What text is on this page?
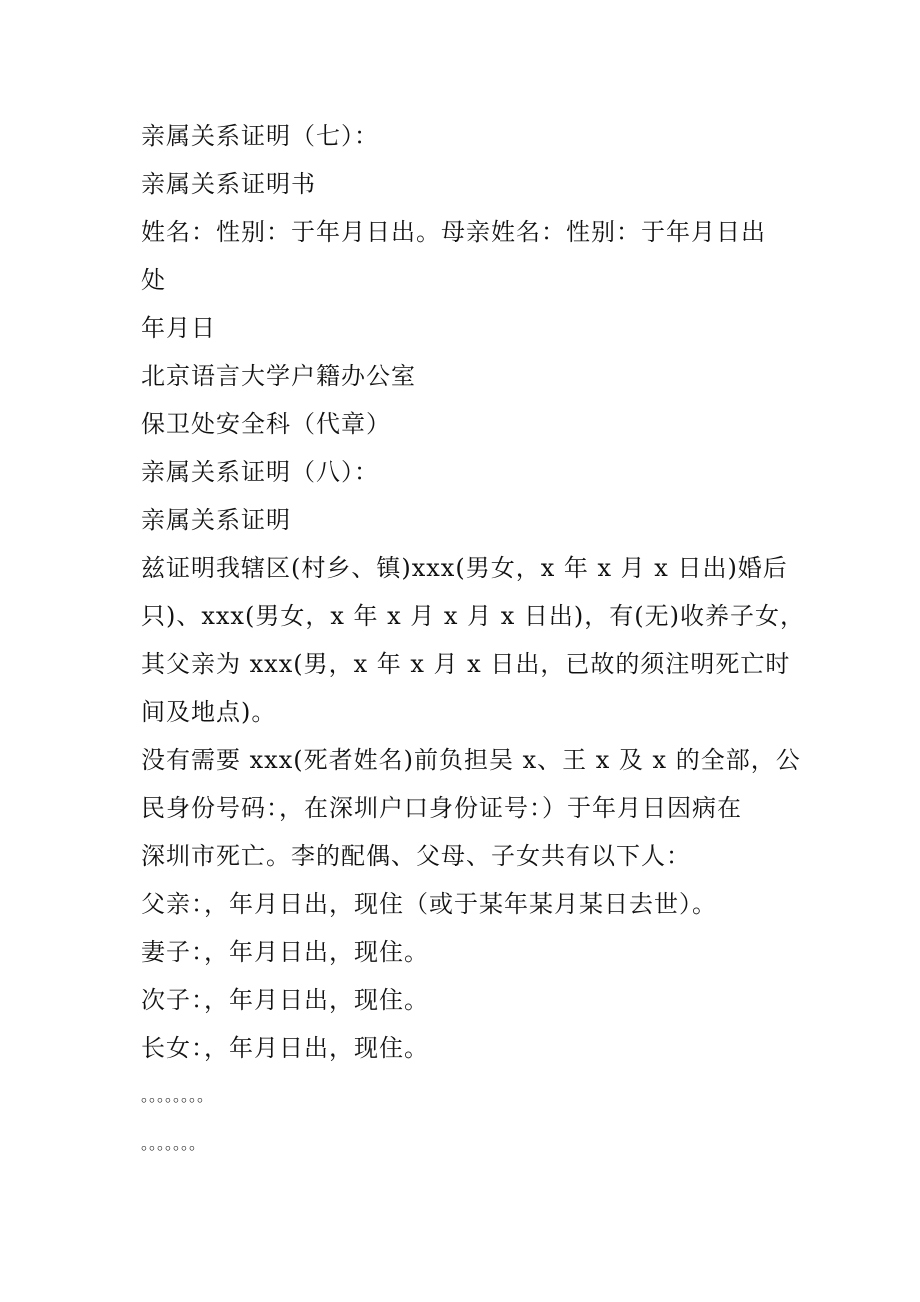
亲属关系证明（七）：
亲属关系证明书
姓名：性别：于年月日出。母亲姓名：性别：于年月日出
处
年月日
北京语言大学户籍办公室
保卫处安全科（代章）
亲属关系证明（八）：
亲属关系证明
兹证明我辖区(村乡、镇)xxx(男女，x 年 x 月 x 日出)婚后
只)、xxx(男女，x 年 x 月 x 月 x 日出)，有(无)收养子女，
其父亲为 xxx(男，x 年 x 月 x 日出，已故的须注明死亡时
间及地点)。
没有需要 xxx(死者姓名)前负担吴 x、王 x 及 x 的全部，公
民身份号码：，在深圳户口身份证号：）于年月日因病在
深圳市死亡。李的配偶、父母、子女共有以下人：
父亲：，年月日出，现住（或于某年某月某日去世）。
妻子：，年月日出，现住。
次子：，年月日出，现住。
长女：，年月日出，现住。
。。。。。。。。
。。。。。。。
